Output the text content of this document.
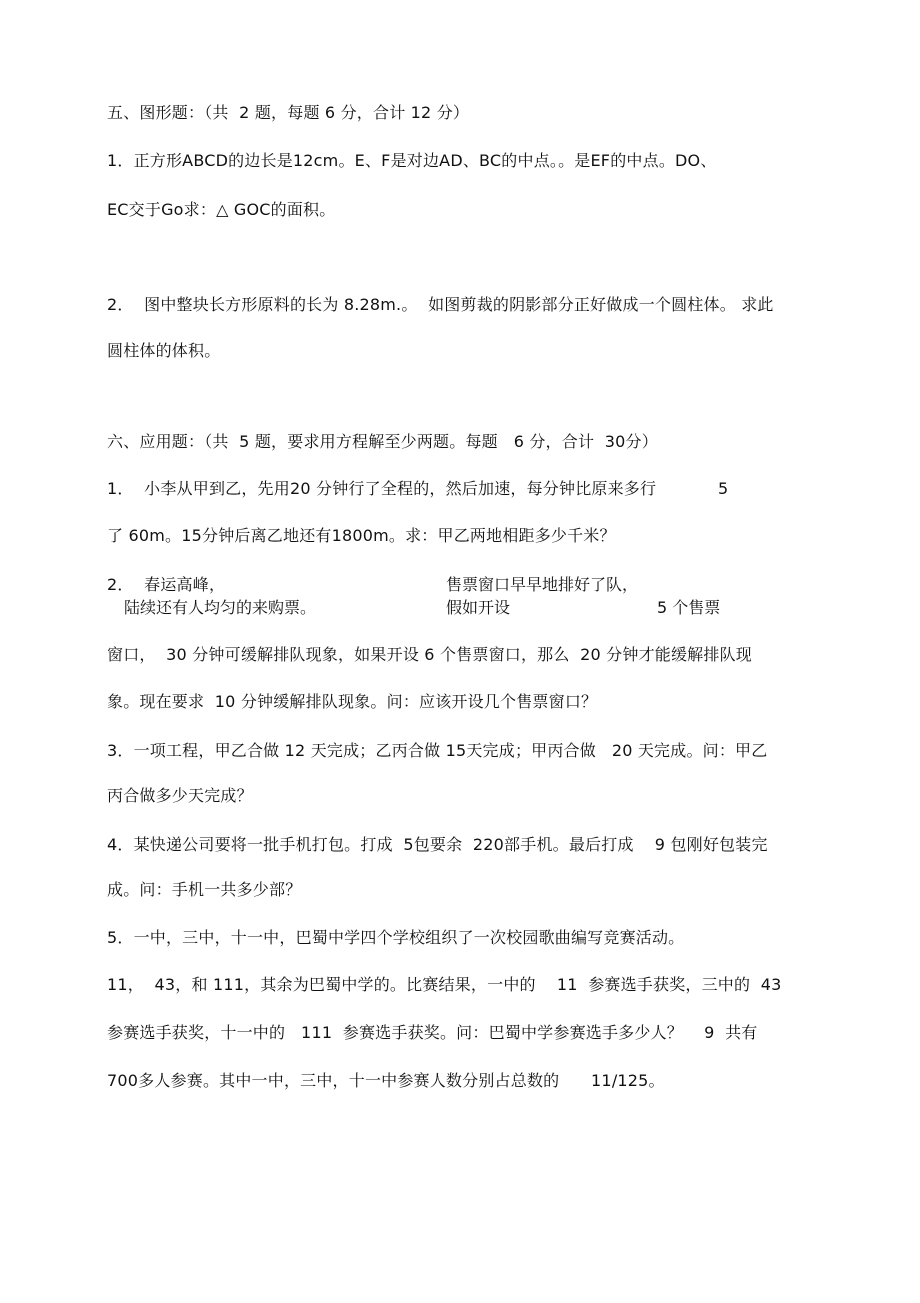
五、图形题：（共  2 题，每题 6 分，合计 12 分）
1．正方形ABCD的边长是12cm。E、F是对边AD、BC的中点。。是EF的中点。DO、
EC交于Go求：△ GOC的面积。
2．  图中整块长方形原料的长为 8.28m.。  如图剪裁的阴影部分正好做成一个圆柱体。 求此
圆柱体的体积。
六、应用题：（共  5 题，要求用方程解至少两题。每题   6 分，合计  30分）
1．  小李从甲到乙，先用20 分钟行了全程的，然后加速，每分钟比原来多行	5
了 60m。15分钟后离乙地还有1800m。求：甲乙两地相距多少千米？
2．  春运高峰，	售票窗口早早地排好了队，
陆续还有人均匀的来购票。	假如开设	5 个售票
窗口，  30 分钟可缓解排队现象，如果开设 6 个售票窗口，那么  20 分钟才能缓解排队现
象。现在要求  10 分钟缓解排队现象。问：应该开设几个售票窗口？
3．一项工程，甲乙合做 12 天完成；乙丙合做 15天完成；甲丙合做   20 天完成。问：甲乙
丙合做多少天完成？
4．某快递公司要将一批手机打包。打成  5包要余  220部手机。最后打成    9 包刚好包装完
成。问：手机一共多少部？
5．一中，三中，十一中，巴蜀中学四个学校组织了一次校园歌曲编写竞赛活动。
11，  43，和 111，其余为巴蜀中学的。比赛结果，一中的    11  参赛选手获奖，三中的  43
参赛选手获奖，十一中的   111  参赛选手获奖。问：巴蜀中学参赛选手多少人？    9  共有
700多人参赛。其中一中，三中，十一中参赛人数分别占总数的      11/125。
